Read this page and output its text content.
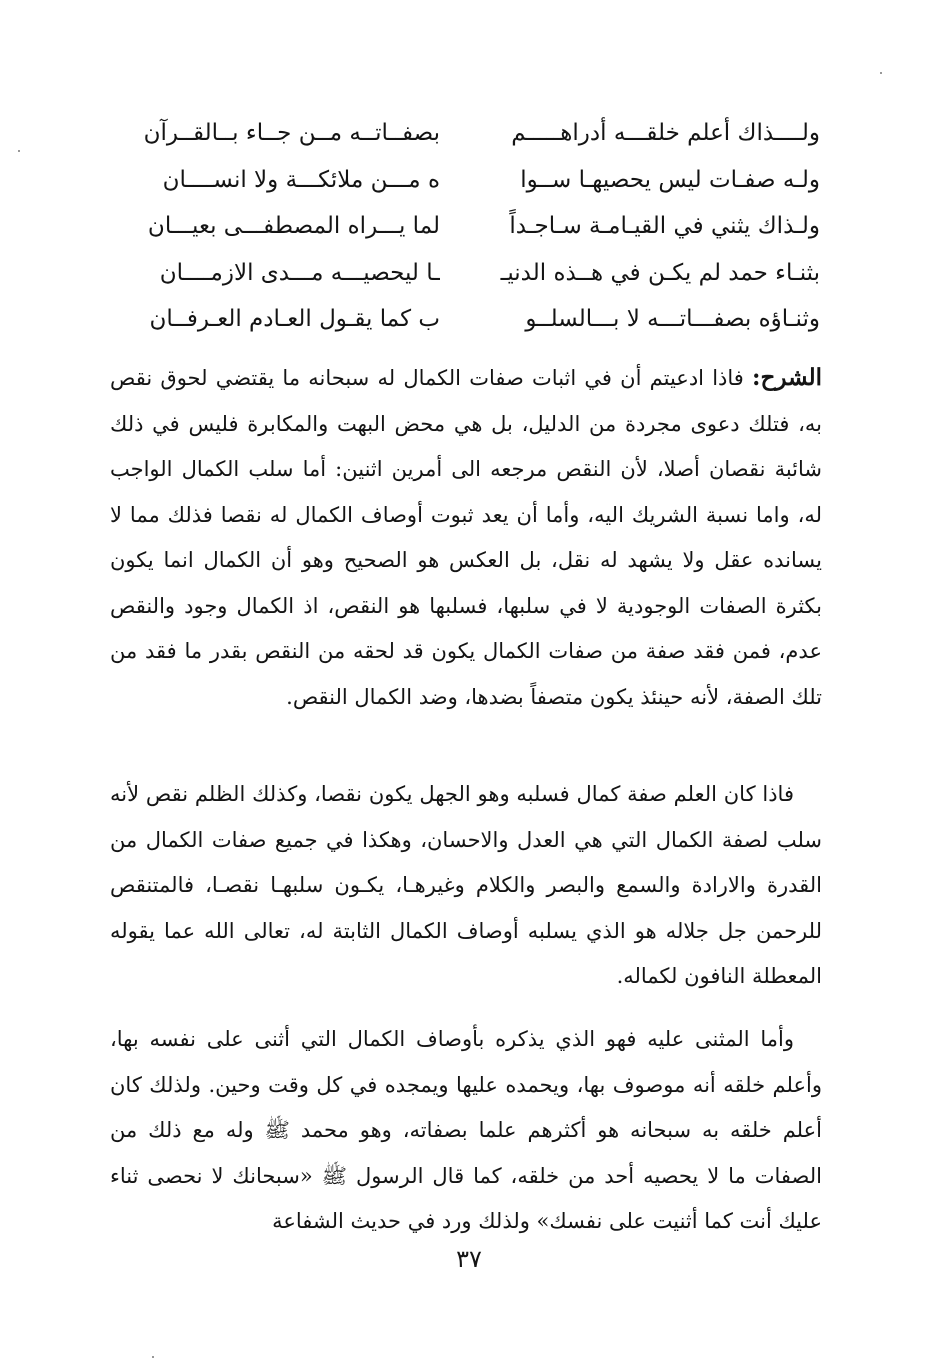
ولــــذاك أعلم خلقـــه أدراهـــــم
بصفــاتــه مــن جــاء بــالقــرآن
ولـه صفـات ليس يحصيهـا ســوا
ه مـــن ملائكـــة ولا انســــان
ولـذاك يثني في القيـامـة سـاجـداً
لما يـــراه المصطفـــى بعيـــان
بثنـاء حمد لم يكـن في هــذه الدنيـ
ـا ليحصيـــه مـــدى الازمــــان
وثنـاؤه بصفـــاتـــه لا بـــالسلــو
ب كما يقـول العـادم العـرفــان

الشرح: فاذا ادعيتم أن في اثبات صفات الكمال له سبحانه ما يقتضي لحوق نقص به، فتلك دعوى مجردة من الدليل، بل هي محض البهت والمكابرة فليس في ذلك شائبة نقصان أصلا، لأن النقص مرجعه الى أمرين اثنين: أما سلب الكمال الواجب له، واما نسبة الشريك اليه، وأما أن يعد ثبوت أوصاف الكمال له نقصا فذلك مما لا يسانده عقل ولا يشهد له نقل، بل العكس هو الصحيح وهو أن الكمال انما يكون بكثرة الصفات الوجودية لا في سلبها، فسلبها هو النقص، اذ الكمال وجود والنقص عدم، فمن فقد صفة من صفات الكمال يكون قد لحقه من النقص بقدر ما فقد من تلك الصفة، لأنه حينئذ يكون متصفاً بضدها، وضد الكمال النقص.

فاذا كان العلم صفة كمال فسلبه وهو الجهل يكون نقصا، وكذلك الظلم نقص لأنه سلب لصفة الكمال التي هي العدل والاحسان، وهكذا في جميع صفات الكمال من القدرة والارادة والسمع والبصر والكلام وغيرهـا، يكـون سلبهـا نقصـا، فالمتنقص للرحمن جل جلاله هو الذي يسلبه أوصاف الكمال الثابتة له، تعالى الله عما يقوله المعطلة النافون لكماله.

وأما المثنى عليه فهو الذي يذكره بأوصاف الكمال التي أثنى على نفسه بها، وأعلم خلقه أنه موصوف بها، ويحمده عليها ويمجده في كل وقت وحين. ولذلك كان أعلم خلقه به سبحانه هو أكثرهم علما بصفاته، وهو محمد ﷺ وله مع ذلك من الصفات ما لا يحصيه أحد من خلقه، كما قال الرسول ﷺ «سبحانك لا نحصى ثناء عليك أنت كما أثنيت على نفسك» ولذلك ورد في حديث الشفاعة

٣٧
